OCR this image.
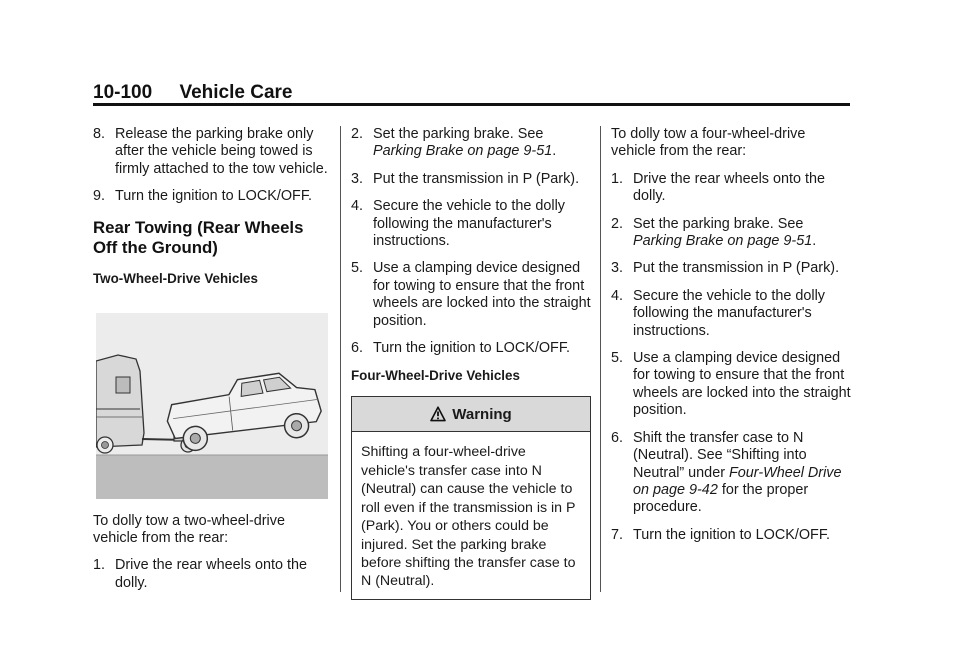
10-100 Vehicle Care
8. Release the parking brake only after the vehicle being towed is firmly attached to the tow vehicle.
9. Turn the ignition to LOCK/OFF.
Rear Towing (Rear Wheels Off the Ground)
Two-Wheel-Drive Vehicles
To dolly tow a two-wheel-drive vehicle from the rear:
1. Drive the rear wheels onto the dolly.
2. Set the parking brake. See Parking Brake on page 9-51.
3. Put the transmission in P (Park).
4. Secure the vehicle to the dolly following the manufacturer's instructions.
5. Use a clamping device designed for towing to ensure that the front wheels are locked into the straight position.
6. Turn the ignition to LOCK/OFF.
Four-Wheel-Drive Vehicles
Warning
Shifting a four-wheel-drive vehicle's transfer case into N (Neutral) can cause the vehicle to roll even if the transmission is in P (Park). You or others could be injured. Set the parking brake before shifting the transfer case to N (Neutral).
To dolly tow a four-wheel-drive vehicle from the rear:
1. Drive the rear wheels onto the dolly.
2. Set the parking brake. See Parking Brake on page 9-51.
3. Put the transmission in P (Park).
4. Secure the vehicle to the dolly following the manufacturer's instructions.
5. Use a clamping device designed for towing to ensure that the front wheels are locked into the straight position.
6. Shift the transfer case to N (Neutral). See “Shifting into Neutral” under Four-Wheel Drive on page 9-42 for the proper procedure.
7. Turn the ignition to LOCK/OFF.
